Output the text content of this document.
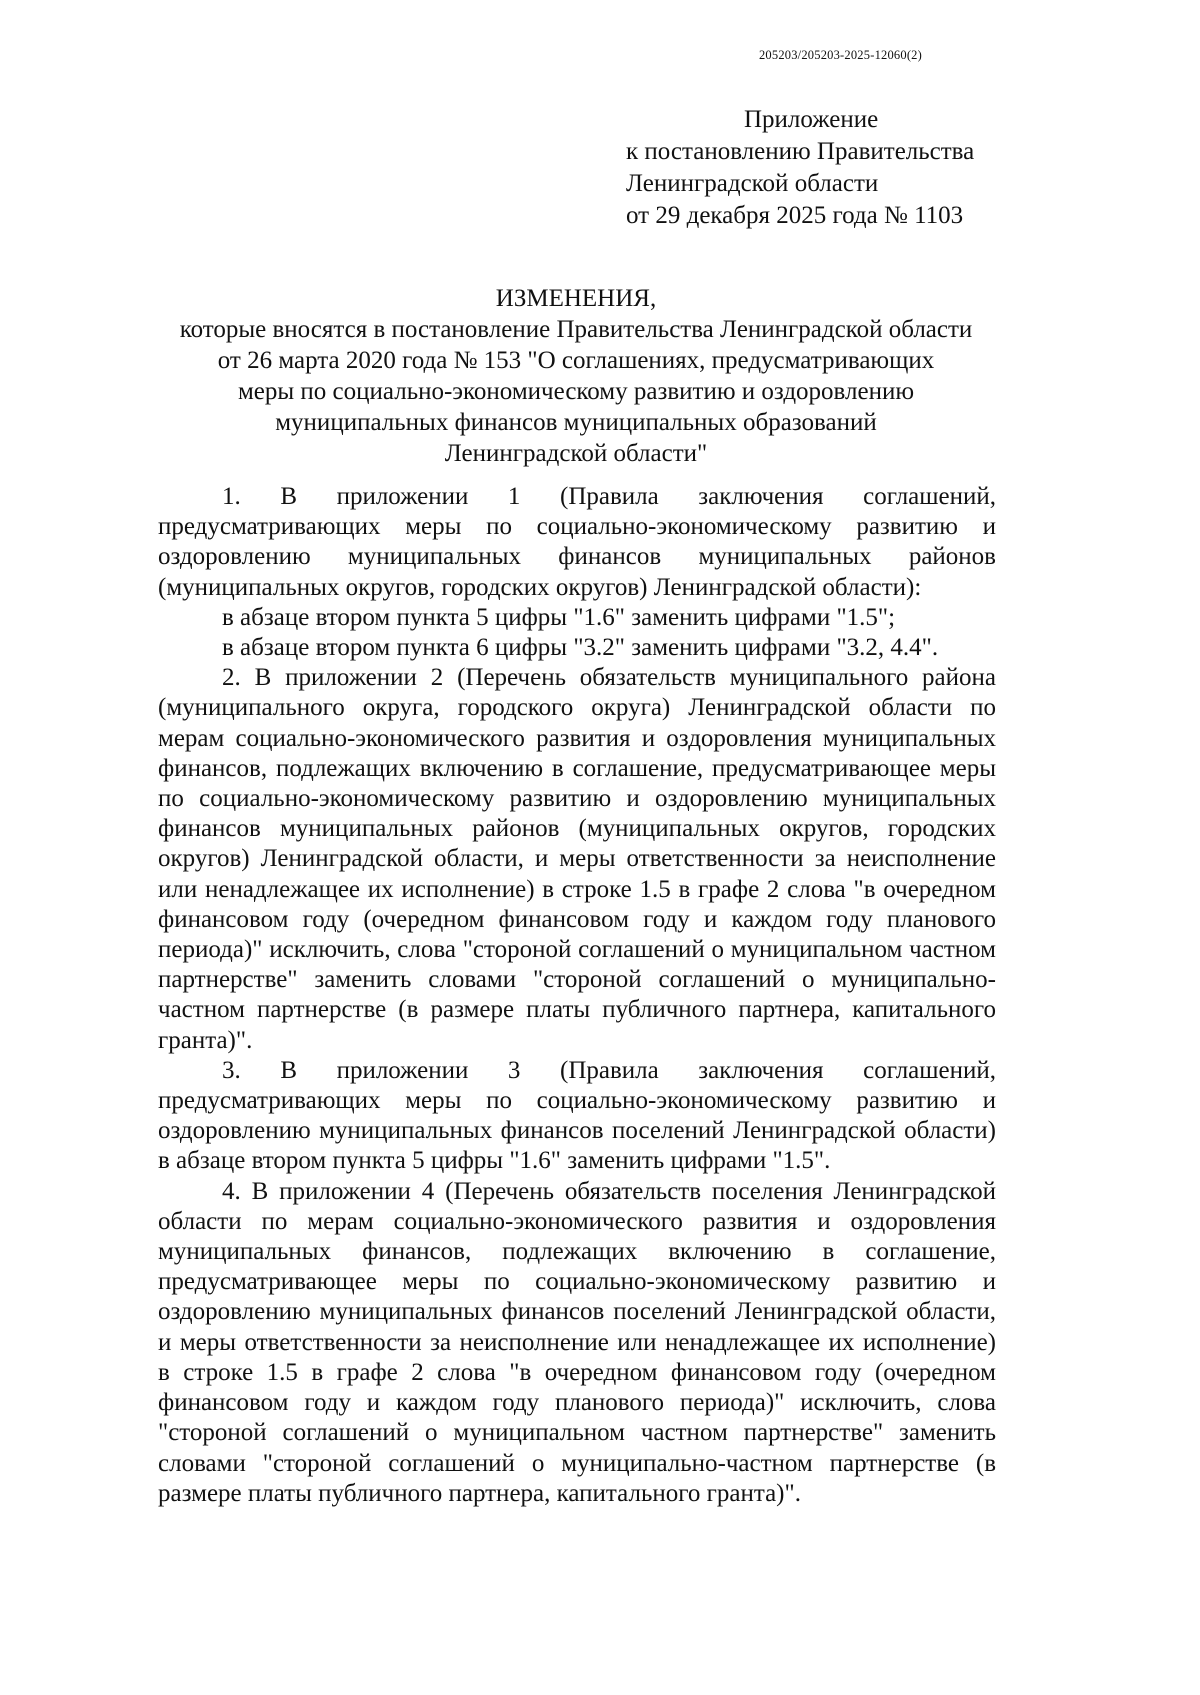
205203/205203-2025-12060(2)
Приложение
к постановлению Правительства
Ленинградской области
от 29 декабря 2025 года № 1103
ИЗМЕНЕНИЯ,
которые вносятся в постановление Правительства Ленинградской области
от 26 марта 2020 года № 153 "О соглашениях, предусматривающих
меры по социально-экономическому развитию и оздоровлению
муниципальных финансов муниципальных образований
Ленинградской области"

1. В приложении 1 (Правила заключения соглашений, предусматривающих меры по социально-экономическому развитию и оздоровлению муниципальных финансов муниципальных районов (муниципальных округов, городских округов) Ленинградской области):

в абзаце втором пункта 5 цифры "1.6" заменить цифрами "1.5";

в абзаце втором пункта 6 цифры "3.2" заменить цифрами "3.2, 4.4".

2. В приложении 2 (Перечень обязательств муниципального района (муниципального округа, городского округа) Ленинградской области по мерам социально-экономического развития и оздоровления муниципальных финансов, подлежащих включению в соглашение, предусматривающее меры по социально-экономическому развитию и оздоровлению муниципальных финансов муниципальных районов (муниципальных округов, городских округов) Ленинградской области, и меры ответственности за неисполнение или ненадлежащее их исполнение) в строке 1.5 в графе 2 слова "в очередном финансовом году (очередном финансовом году и каждом году планового периода)" исключить, слова "стороной соглашений о муниципальном частном партнерстве" заменить словами "стороной соглашений о муниципально-частном партнерстве (в размере платы публичного партнера, капитального гранта)".

3. В приложении 3 (Правила заключения соглашений, предусматривающих меры по социально-экономическому развитию и оздоровлению муниципальных финансов поселений Ленинградской области) в абзаце втором пункта 5 цифры "1.6" заменить цифрами "1.5".

4. В приложении 4 (Перечень обязательств поселения Ленинградской области по мерам социально-экономического развития и оздоровления муниципальных финансов, подлежащих включению в соглашение, предусматривающее меры по социально-экономическому развитию и оздоровлению муниципальных финансов поселений Ленинградской области, и меры ответственности за неисполнение или ненадлежащее их исполнение) в строке 1.5 в графе 2 слова "в очередном финансовом году (очередном финансовом году и каждом году планового периода)" исключить, слова "стороной соглашений о муниципальном частном партнерстве" заменить словами "стороной соглашений о муниципально-частном партнерстве (в размере платы публичного партнера, капитального гранта)".
